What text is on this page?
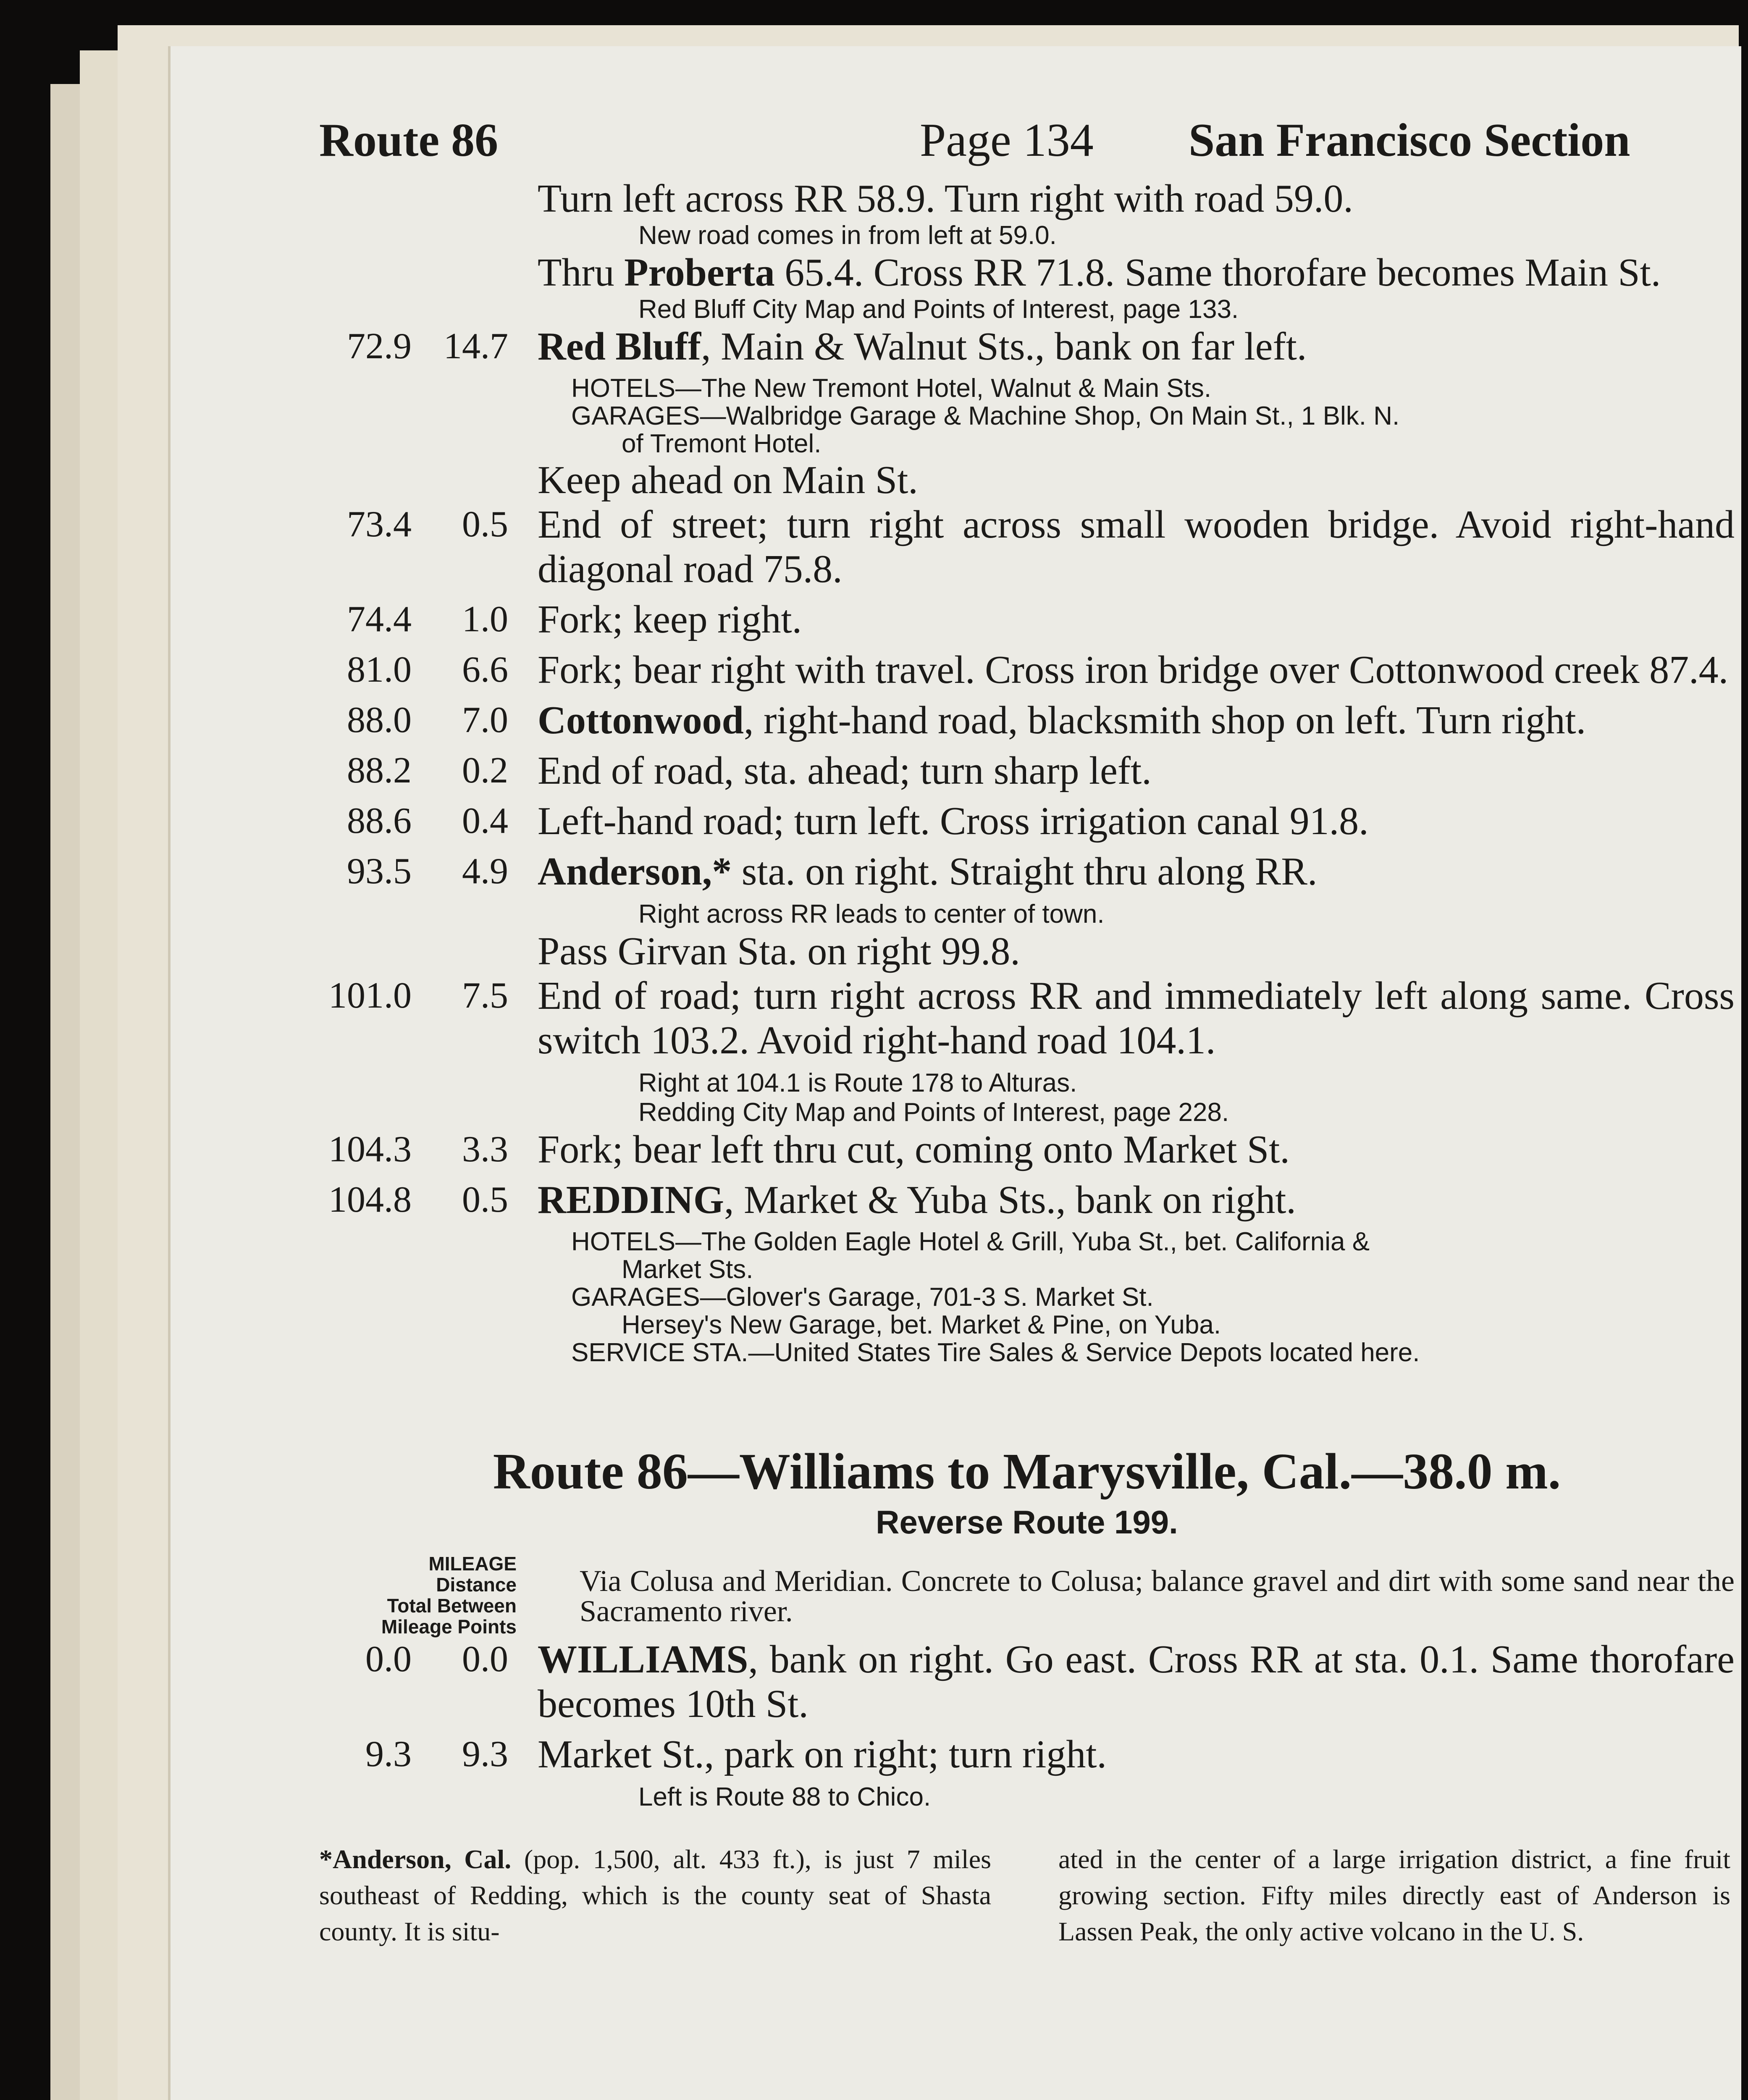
Route 86	Page 134 San Francisco Section
Turn left across RR 58.9. Turn right with road 59.0.
New road comes in from left at 59.0.
Thru Proberta 65.4. Cross RR 71.8. Same thorofare becomes Main St.
Red Bluff City Map and Points of Interest, page 133.
72.9 14.7 Red Bluff, Main & Walnut Sts., bank on far left.
HOTELS—The New Tremont Hotel, Walnut & Main Sts.
GARAGES—Walbridge Garage & Machine Shop, On Main St., 1 Blk. N.
of Tremont Hotel.
Keep ahead on Main St.
73.4	0.5 End of street; turn right across small wooden bridge. Avoid right-hand diagonal road 75.8.
74.4	1.0 Fork; keep right.
81.0	6.6 Fork; bear right with travel. Cross iron bridge over Cottonwood creek 87.4.
88.0	7.0 Cottonwood, right-hand road, blacksmith shop on left. Turn right.
88.2	0.2 End of road, sta. ahead; turn sharp left.
88.6	0.4 Left-hand road; turn left. Cross irrigation canal 91.8.
93.5	4.9 Anderson,* sta. on right. Straight thru along RR.
Right across RR leads to center of town.
Pass Girvan Sta. on right 99.8.
101.0	7.5 End of road; turn right across RR and immediately left along same. Cross switch 103.2. Avoid right-hand road 104.1.
Right at 104.1 is Route 178 to Alturas.
Redding City Map and Points of Interest, page 228.
104.3	3.3 Fork; bear left thru cut, coming onto Market St.
104.8	0.5 REDDING, Market & Yuba Sts., bank on right.
HOTELS—The Golden Eagle Hotel & Grill, Yuba St., bet. California &
Market Sts.
GARAGES—Glover's Garage, 701-3 S. Market St.
Hersey's New Garage, bet. Market & Pine, on Yuba.
SERVICE STA.—United States Tire Sales & Service Depots located here.
Route 86—Williams to Marysville, Cal.—38.0 m.
Reverse Route 199.
MILEAGE
Distance
Total Between
Mileage Points
Via Colusa and Meridian. Concrete to Colusa; balance gravel and dirt with some sand near the Sacramento river.
0.0	0.0 WILLIAMS, bank on right. Go east. Cross RR at sta. 0.1. Same thorofare becomes 10th St.
9.3	9.3 Market St., park on right; turn right.
Left is Route 88 to Chico.
*Anderson, Cal. (pop. 1,500, alt. 433 ft.), is just 7 miles southeast of Redding, which is the county seat of Shasta county. It is situ-
ated in the center of a large irrigation district, a fine fruit growing section. Fifty miles directly east of Anderson is Lassen Peak, the only active volcano in the U. S.
